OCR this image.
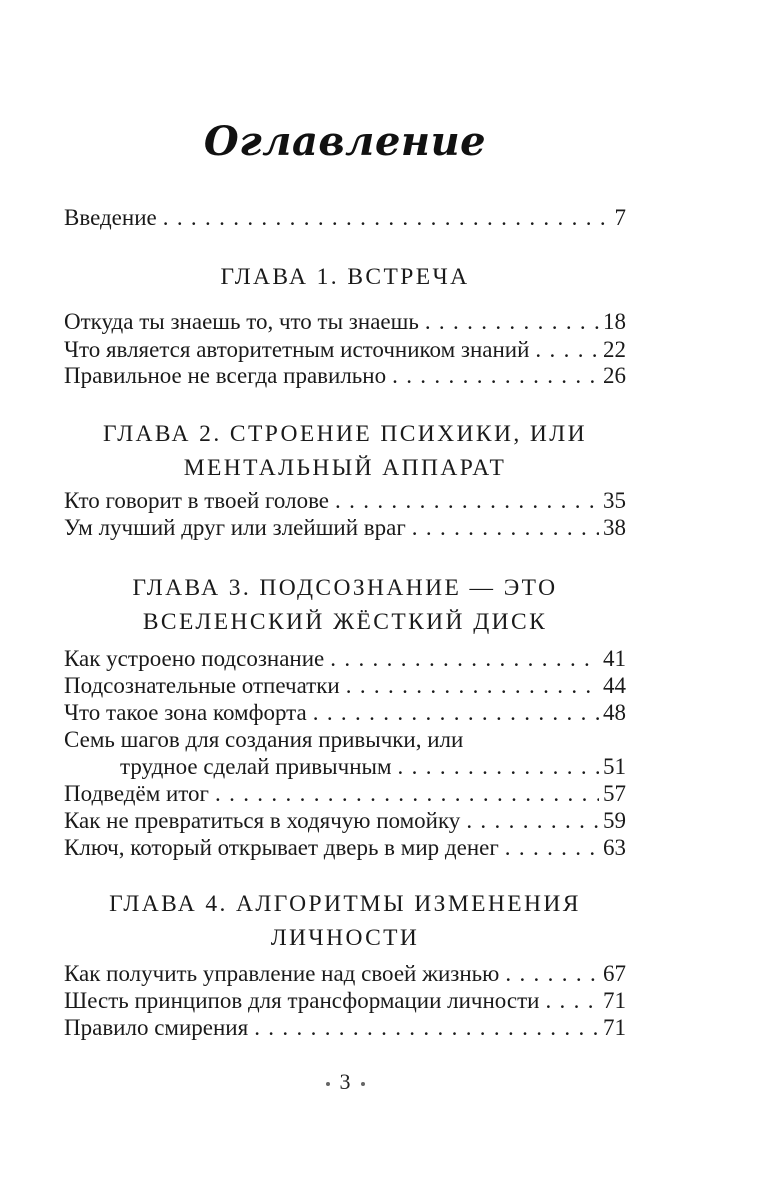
Оглавление
Введение . . .	7
ГЛАВА 1. ВСТРЕЧА
Откуда ты знаешь то, что ты знаешь . . .	18
Что является авторитетным источником знаний . . .	22
Правильное не всегда правильно . . .	26
ГЛАВА 2. СТРОЕНИЕ ПСИХИКИ, ИЛИ
МЕНТАЛЬНЫЙ АППАРАТ
Кто говорит в твоей голове . . .	35
Ум лучший друг или злейший враг . . .	38
ГЛАВА 3. ПОДСОЗНАНИЕ — ЭТО
ВСЕЛЕНСКИЙ ЖЁСТКИЙ ДИСК
Как устроено подсознание . . .	41
Подсознательные отпечатки . . .	44
Что такое зона комфорта . . .	48
Семь шагов для создания привычки, или
трудное сделай привычным . . .	51
Подведём итог . . .	57
Как не превратиться в ходячую помойку . . .	59
Ключ, который открывает дверь в мир денег . . .	63
ГЛАВА 4. АЛГОРИТМЫ ИЗМЕНЕНИЯ
ЛИЧНОСТИ
Как получить управление над своей жизнью . . .	67
Шесть принципов для трансформации личности . . .	71
Правило смирения . . .	71
3
